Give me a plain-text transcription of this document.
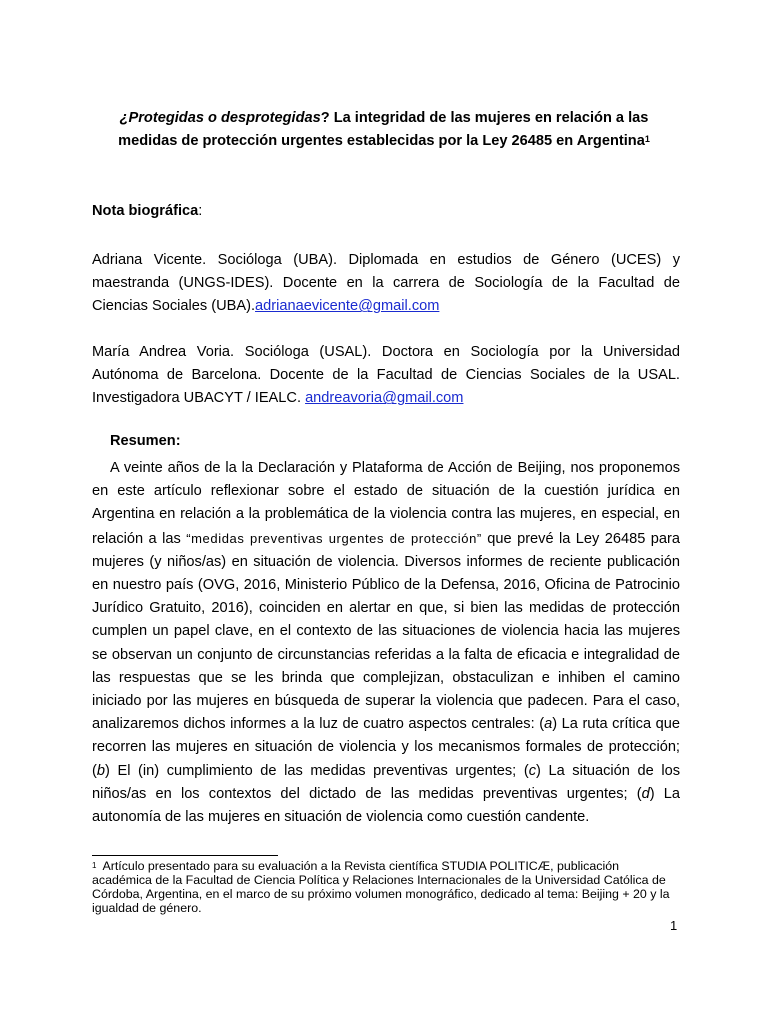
¿Protegidas o desprotegidas? La integridad de las mujeres en relación a las
medidas de protección urgentes establecidas por la Ley 26485 en Argentina$^1$
Nota biográfica:
Adriana Vicente. Socióloga (UBA). Diplomada en estudios de Género (UCES) y maestranda (UNGS-IDES). Docente en la carrera de Sociología de la Facultad de Ciencias Sociales (UBA).adrianaevicente@gmail.com
María Andrea Voria. Socióloga (USAL). Doctora en Sociología por la Universidad Autónoma de Barcelona. Docente de la Facultad de Ciencias Sociales de la USAL. Investigadora UBACYT / IEALC. andreavoria@gmail.com
Resumen:
A veinte años de la la Declaración y Plataforma de Acción de Beijing, nos proponemos en este artículo reflexionar sobre el estado de situación de la cuestión jurídica en Argentina en relación a la problemática de la violencia contra las mujeres, en especial, en relación a las “medidas preventivas urgentes de protección” que prevé la Ley 26485 para mujeres (y niños/as) en situación de violencia. Diversos informes de reciente publicación en nuestro país (OVG, 2016, Ministerio Público de la Defensa, 2016, Oficina de Patrocinio Jurídico Gratuito, 2016), coinciden en alertar en que, si bien las medidas de protección cumplen un papel clave, en el contexto de las situaciones de violencia hacia las mujeres se observan un conjunto de circunstancias referidas a la falta de eficacia e integralidad de las respuestas que se les brinda que complejizan, obstaculizan e inhiben el camino iniciado por las mujeres en búsqueda de superar la violencia que padecen. Para el caso, analizaremos dichos informes a la luz de cuatro aspectos centrales: (a) La ruta crítica que recorren las mujeres en situación de violencia y los mecanismos formales de protección; (b) El (in) cumplimiento de las medidas preventivas urgentes; (c) La situación de los niños/as en los contextos del dictado de las medidas preventivas urgentes; (d) La autonomía de las mujeres en situación de violencia como cuestión candente.
$^1$ Artículo presentado para su evaluación a la Revista científica STUDIA POLITICÆ, publicación académica de la Facultad de Ciencia Política y Relaciones Internacionales de la Universidad Católica de Córdoba, Argentina, en el marco de su próximo volumen monográfico, dedicado al tema: Beijing + 20 y la igualdad de género.
1
